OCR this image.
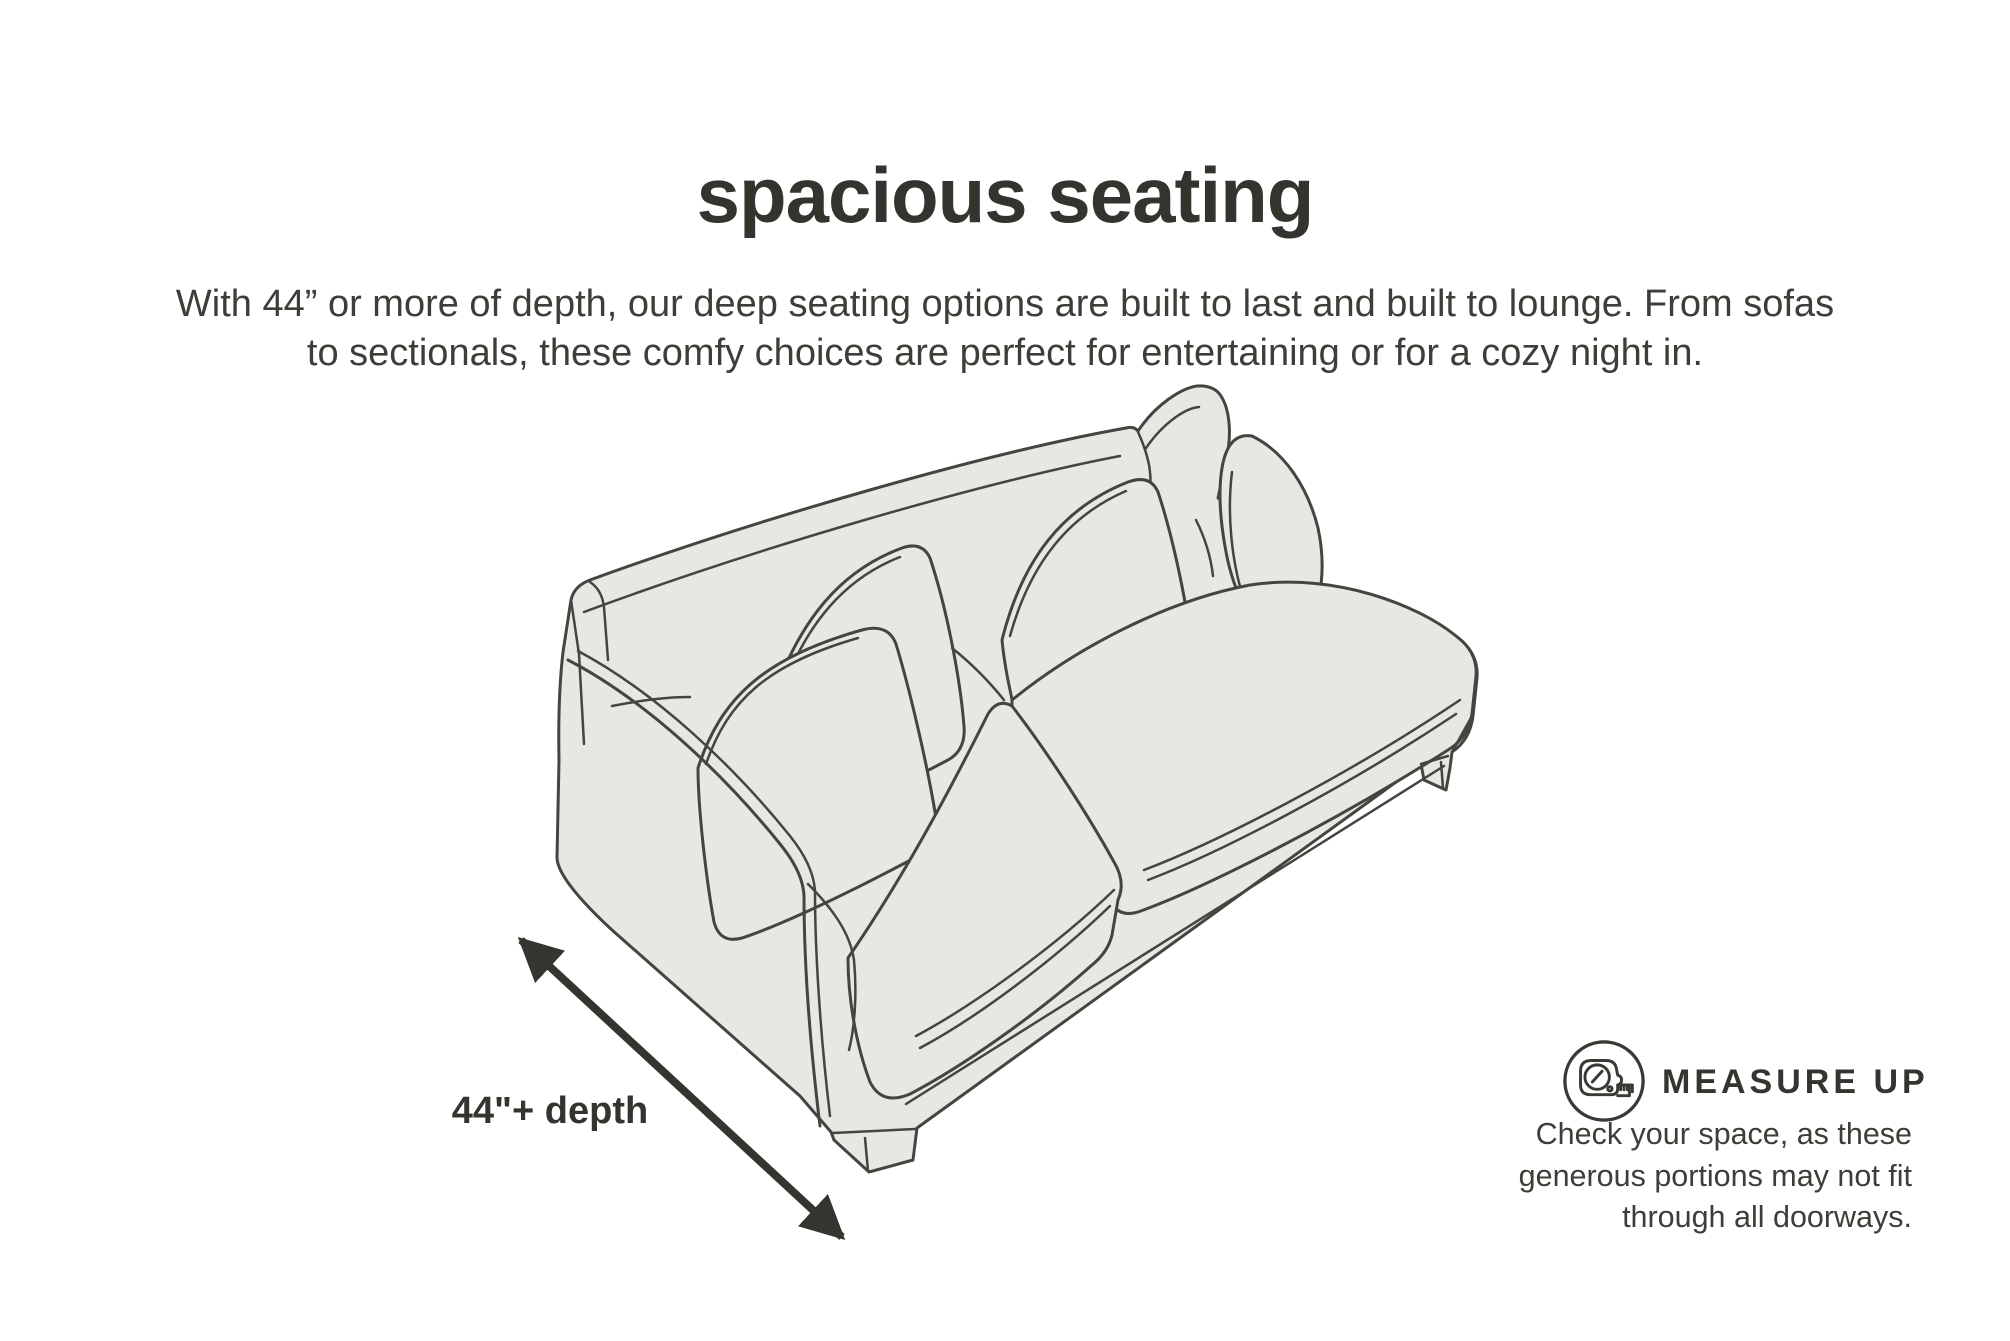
spacious seating

With 44” or more of depth, our deep seating options are built to last and built to lounge. From sofas to sectionals, these comfy choices are perfect for entertaining or for a cozy night in.

44"+ depth
MEASURE UP
Check your space, as these
generous portions may not fit
through all doorways.
